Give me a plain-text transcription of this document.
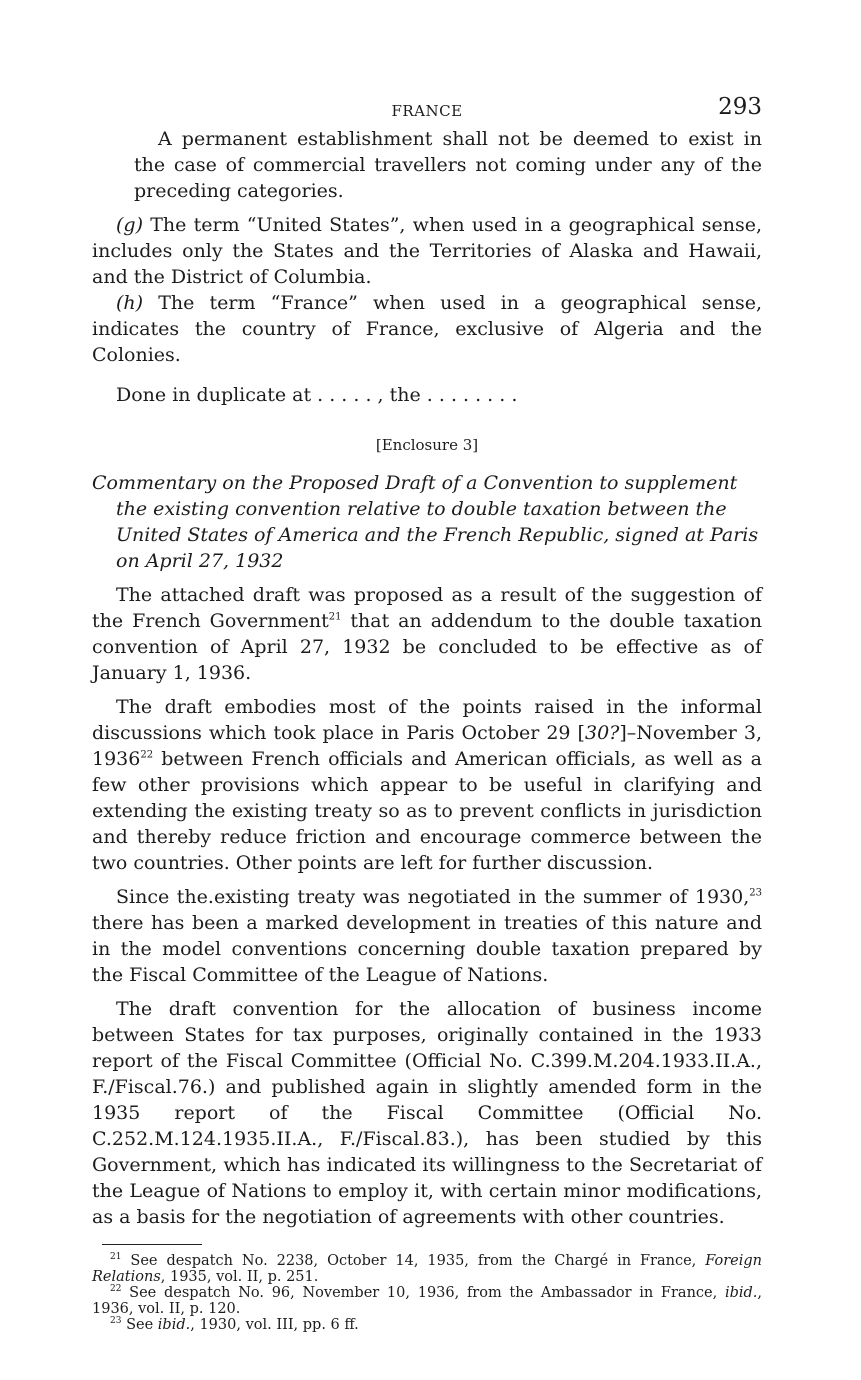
FRANCE	293

A permanent establishment shall not be deemed to exist in the case of commercial travellers not coming under any of the preceding categories.

(g) The term “United States”, when used in a geographical sense, includes only the States and the Territories of Alaska and Hawaii, and the District of Columbia.

(h) The term “France” when used in a geographical sense, indicates the country of France, exclusive of Algeria and the Colonies.

Done in duplicate at . . . . . , the . . . . . . . .

[Enclosure 3]
Commentary on the Proposed Draft of a Convention to supplement the existing convention relative to double taxation between the United States of America and the French Republic, signed at Paris on April 27, 1932

The attached draft was proposed as a result of the suggestion of the French Government$^{21}$ that an addendum to the double taxation convention of April 27, 1932 be concluded to be effective as of January 1, 1936.

The draft embodies most of the points raised in the informal discussions which took place in Paris October 29 [30?]–November 3, 1936$^{22}$ between French officials and American officials, as well as a few other provisions which appear to be useful in clarifying and extending the existing treaty so as to prevent conflicts in jurisdiction and thereby reduce friction and encourage commerce between the two countries. Other points are left for further discussion.

Since the.existing treaty was negotiated in the summer of 1930,23 there has been a marked development in treaties of this nature and in the model conventions concerning double taxation prepared by the Fiscal Committee of the League of Nations.

The draft convention for the allocation of business income between States for tax purposes, originally contained in the 1933 report of the Fiscal Committee (Official No. C.399.M.204.1933.II.A., F./Fiscal.76.) and published again in slightly amended form in the 1935 report of the Fiscal Committee (Official No. C.252.M.124.1935.II.A., F./Fiscal.83.), has been studied by this Government, which has indicated its willingness to the Secretariat of the League of Nations to employ it, with certain minor modifications, as a basis for the negotiation of agreements with other countries.

$^{21}$ See despatch No. 2238, October 14, 1935, from the Chargé in France, Foreign Relations, 1935, vol. II, p. 251.

$^{22}$ See despatch No. 96, November 10, 1936, from the Ambassador in France, ibid., 1936, vol. II, p. 120.

$^{23}$ See ibid., 1930, vol. III, pp. 6 ff.
